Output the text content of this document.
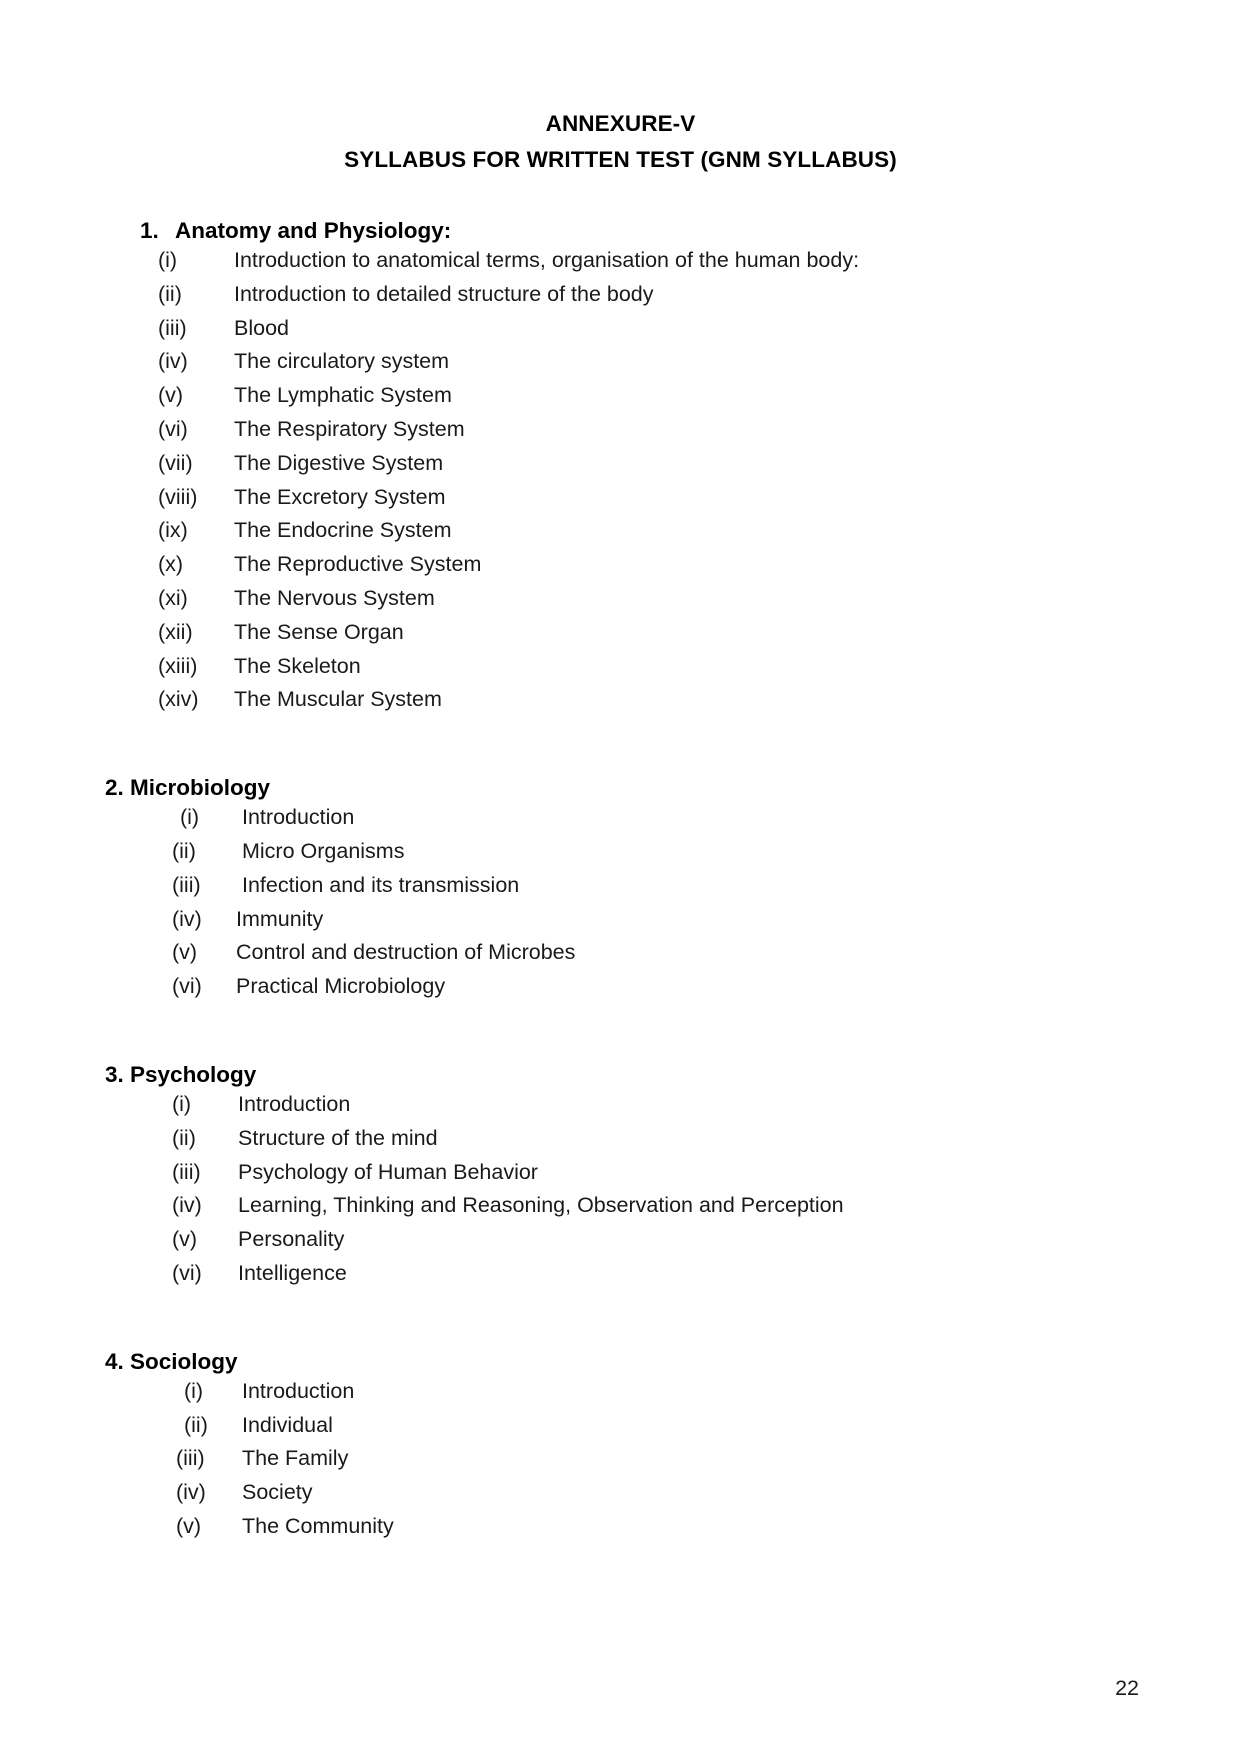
ANNEXURE-V
SYLLABUS FOR WRITTEN TEST (GNM SYLLABUS)
1. Anatomy and Physiology:
(i)	Introduction to anatomical terms, organisation of the human body:
(ii)	Introduction to detailed structure of the body
(iii)	Blood
(iv)	The circulatory system
(v)	The Lymphatic System
(vi)	The Respiratory System
(vii)	The Digestive System
(viii)	The Excretory System
(ix)	The Endocrine System
(x)	The Reproductive System
(xi)	The Nervous System
(xii)	The Sense Organ
(xiii)	The Skeleton
(xiv)	The Muscular System
2. Microbiology
(i)	Introduction
(ii)	Micro Organisms
(iii)	Infection and its transmission
(iv)	Immunity
(v)	Control and destruction of Microbes
(vi)	Practical Microbiology
3. Psychology
(i)	Introduction
(ii)	Structure of the mind
(iii)	Psychology of Human Behavior
(iv)	Learning, Thinking and Reasoning, Observation and Perception
(v)	Personality
(vi)	Intelligence
4. Sociology
(i)	Introduction
(ii)	Individual
(iii)	The Family
(iv)	Society
(v)	The Community
22
